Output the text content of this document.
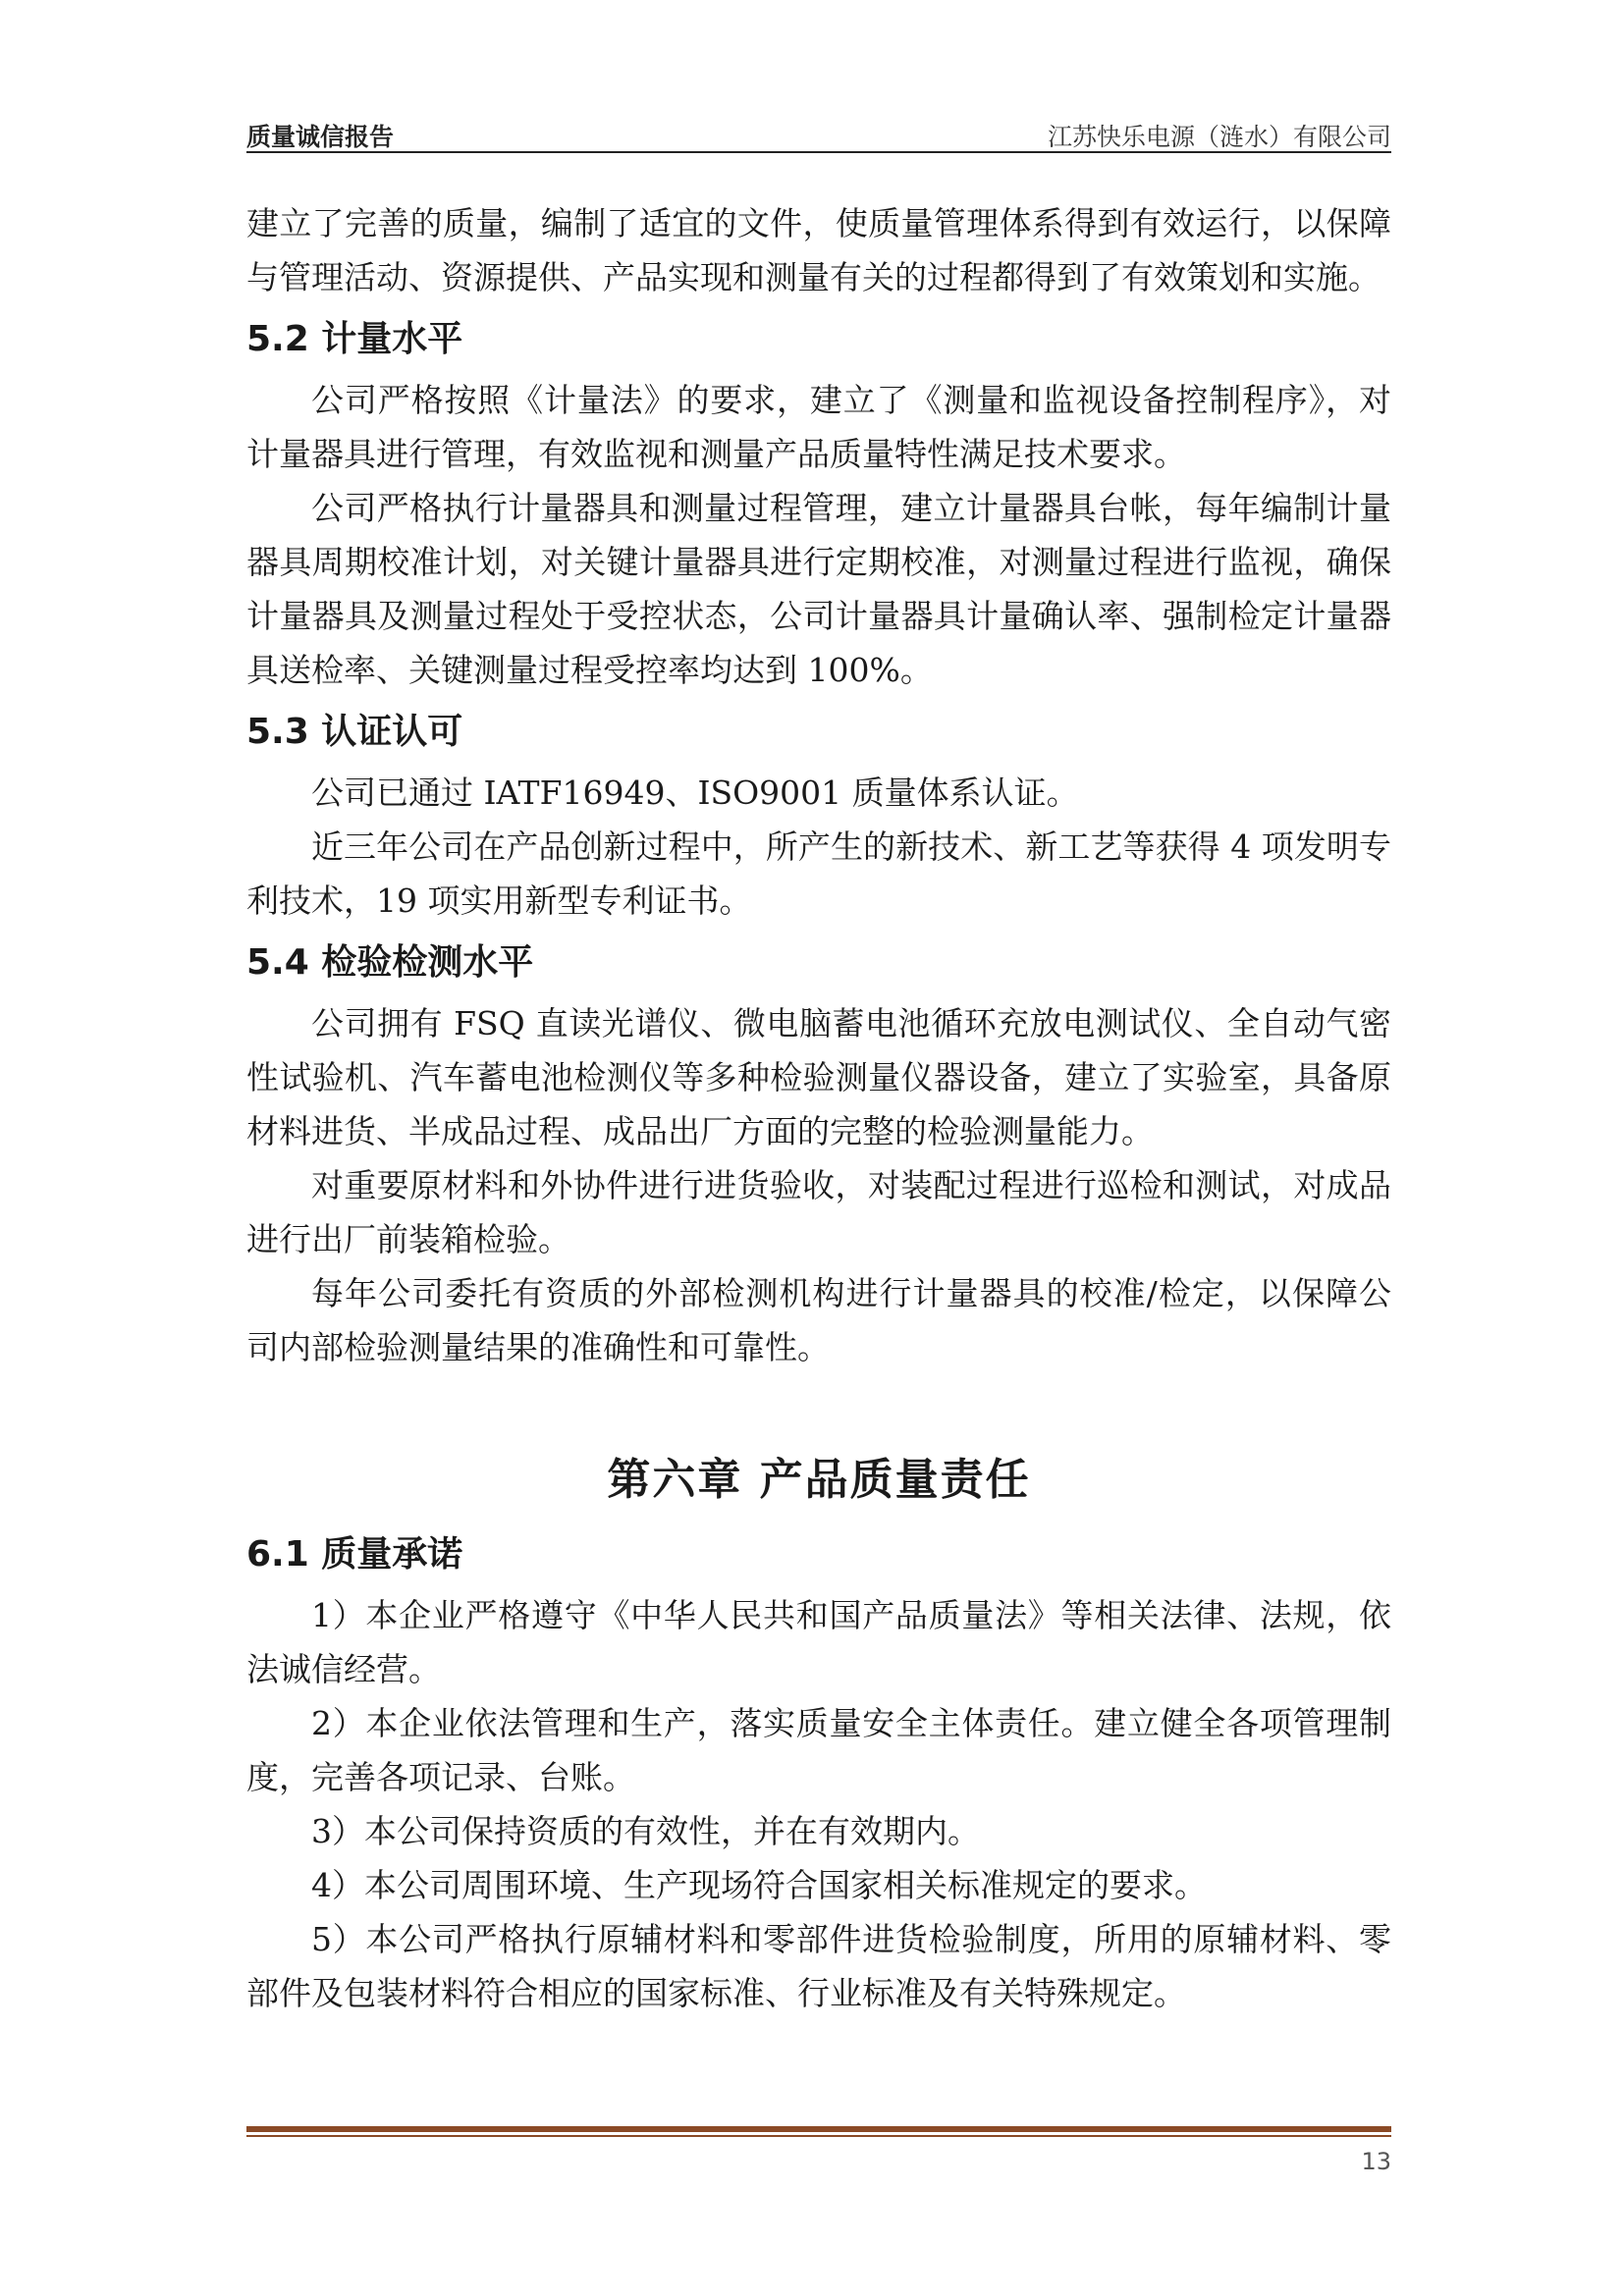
质量诚信报告	江苏快乐电源（涟水）有限公司

建立了完善的质量，编制了适宜的文件，使质量管理体系得到有效运行，以保障与管理活动、资源提供、产品实现和测量有关的过程都得到了有效策划和实施。

5.2 计量水平

公司严格按照《计量法》的要求，建立了《测量和监视设备控制程序》，对计量器具进行管理，有效监视和测量产品质量特性满足技术要求。

公司严格执行计量器具和测量过程管理，建立计量器具台帐，每年编制计量器具周期校准计划，对关键计量器具进行定期校准，对测量过程进行监视，确保计量器具及测量过程处于受控状态，公司计量器具计量确认率、强制检定计量器具送检率、关键测量过程受控率均达到 100%。

5.3 认证认可

公司已通过 IATF16949、ISO9001 质量体系认证。

近三年公司在产品创新过程中，所产生的新技术、新工艺等获得 4 项发明专利技术，19 项实用新型专利证书。

5.4 检验检测水平

公司拥有 FSQ 直读光谱仪、微电脑蓄电池循环充放电测试仪、全自动气密性试验机、汽车蓄电池检测仪等多种检验测量仪器设备，建立了实验室，具备原材料进货、半成品过程、成品出厂方面的完整的检验测量能力。

对重要原材料和外协件进行进货验收，对装配过程进行巡检和测试，对成品进行出厂前装箱检验。

每年公司委托有资质的外部检测机构进行计量器具的校准/检定，以保障公司内部检验测量结果的准确性和可靠性。

第六章 产品质量责任
6.1 质量承诺

1）本企业严格遵守《中华人民共和国产品质量法》等相关法律、法规，依法诚信经营。

2）本企业依法管理和生产，落实质量安全主体责任。建立健全各项管理制度，完善各项记录、台账。

3）本公司保持资质的有效性，并在有效期内。

4）本公司周围环境、生产现场符合国家相关标准规定的要求。

5）本公司严格执行原辅材料和零部件进货检验制度，所用的原辅材料、零部件及包装材料符合相应的国家标准、行业标准及有关特殊规定。

13
